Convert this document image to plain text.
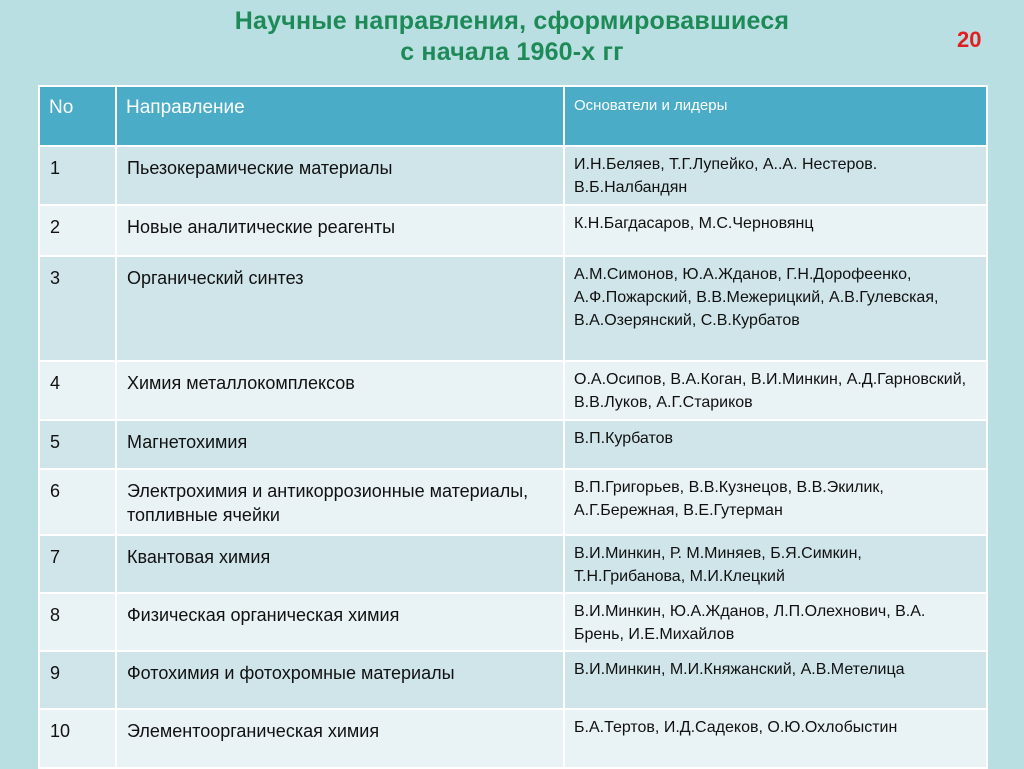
Научные направления, сформировавшиеся
с начала 1960-х гг	20
No	Направление	Основатели и лидеры
1	Пьезокерамические материалы	И.Н.Беляев, Т.Г.Лупейко, А..А. Нестеров. В.Б.Налбандян
2	Новые аналитические реагенты	К.Н.Багдасаров, М.С.Черновянц
3	Органический синтез	А.М.Симонов, Ю.А.Жданов, Г.Н.Дорофеенко, А.Ф.Пожарский, В.В.Межерицкий, А.В.Гулевская, В.А.Озерянский, С.В.Курбатов
4	Химия металлокомплексов	О.А.Осипов, В.А.Коган, В.И.Минкин, А.Д.Гарновский, В.В.Луков, А.Г.Стариков
5	Магнетохимия	В.П.Курбатов
6	Электрохимия и антикоррозионные материалы, топливные ячейки	В.П.Григорьев, В.В.Кузнецов, В.В.Экилик, А.Г.Бережная, В.Е.Гутерман
7	Квантовая химия	В.И.Минкин, Р. М.Миняев, Б.Я.Симкин, Т.Н.Грибанова, М.И.Клецкий
8	Физическая органическая химия	В.И.Минкин, Ю.А.Жданов, Л.П.Олехнович, В.А. Брень, И.Е.Михайлов
9	Фотохимия и фотохромные материалы	В.И.Минкин, М.И.Княжанский, А.В.Метелица
10	Элементоорганическая химия	Б.А.Тертов, И.Д.Садеков, О.Ю.Охлобыстин
